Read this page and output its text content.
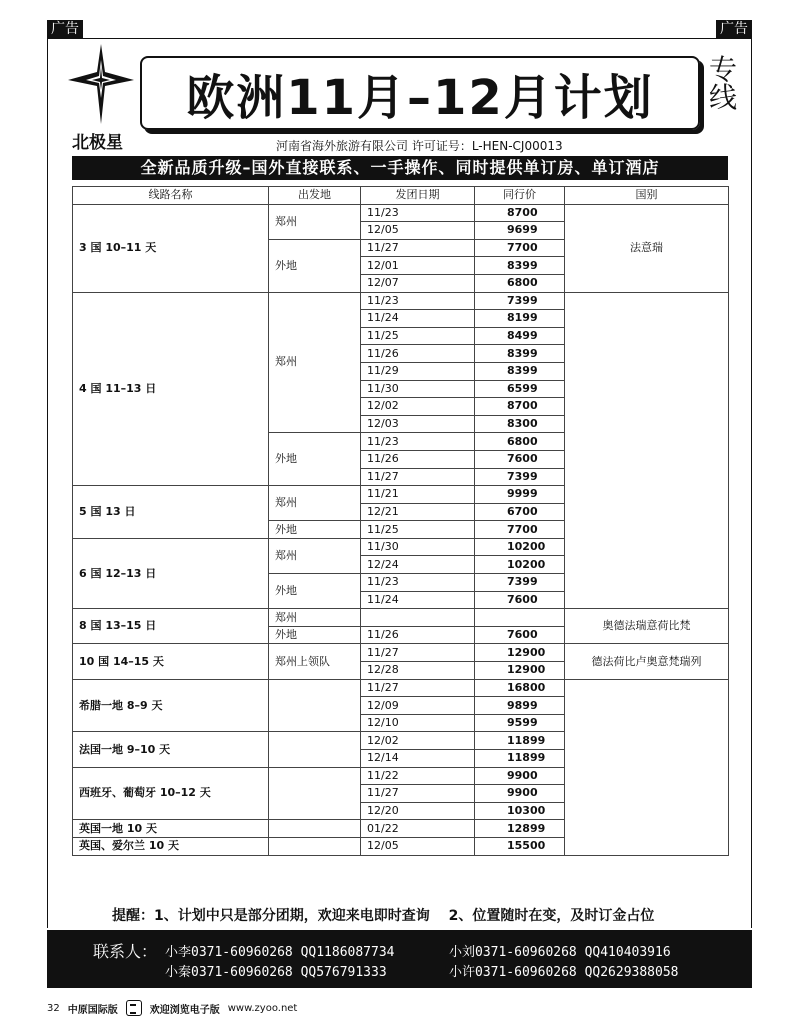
广告	广告
北极星
欧洲11月–12月计划 专线
河南省海外旅游有限公司 许可证号：L-HEN-CJ00013
全新品质升级–国外直接联系、一手操作、同时提供单订房、单订酒店
线路名称	出发地	发团日期	同行价	国别	
3 国 10–11 天	郑州	11/23	8700	法意瑞	
		12/05	9699		
	外地	11/27	7700		
		12/01	8399		
		12/07	6800		
4 国 11–13 日	郑州	11/23	7399		
		11/24	8199		
		11/25	8499		
		11/26	8399		
		11/29	8399		
		11/30	6599		
		12/02	8700		
		12/03	8300		
	外地	11/23	6800		
		11/26	7600		
		11/27	7399		
5 国 13 日	郑州	11/21	9999		
		12/21	6700		
	外地	11/25	7700		
6 国 12–13 日	郑州	11/30	10200		
		12/24	10200		
	外地	11/23	7399		
		11/24	7600		
8 国 13–15 日	郑州			奥德法瑞意荷比梵	
	外地	11/26	7600		
10 国 14–15 天	郑州上领队	11/27	12900	德法荷比卢奥意梵瑞列	
		12/28	12900		
希腊一地 8–9 天		11/27	16800		
		12/09	9899		
		12/10	9599		
法国一地 9–10 天		12/02	11899		
		12/14	11899		
西班牙、葡萄牙 10–12 天		11/22	9900		
		11/27	9900		
		12/20	10300		
英国一地 10 天		01/22	12899		
英国、爱尔兰 10 天		12/05	15500		
提醒：1、计划中只是部分团期，欢迎来电即时查询　 2、位置随时在变，及时订金占位
联系人： 小李0371-60960268 QQ1186087734	小刘0371-60960268 QQ410403916
小秦0371-60960268 QQ576791333	小许0371-60960268 QQ2629388058
32 中原国际版	欢迎浏览电子版 www.zyoo.net
